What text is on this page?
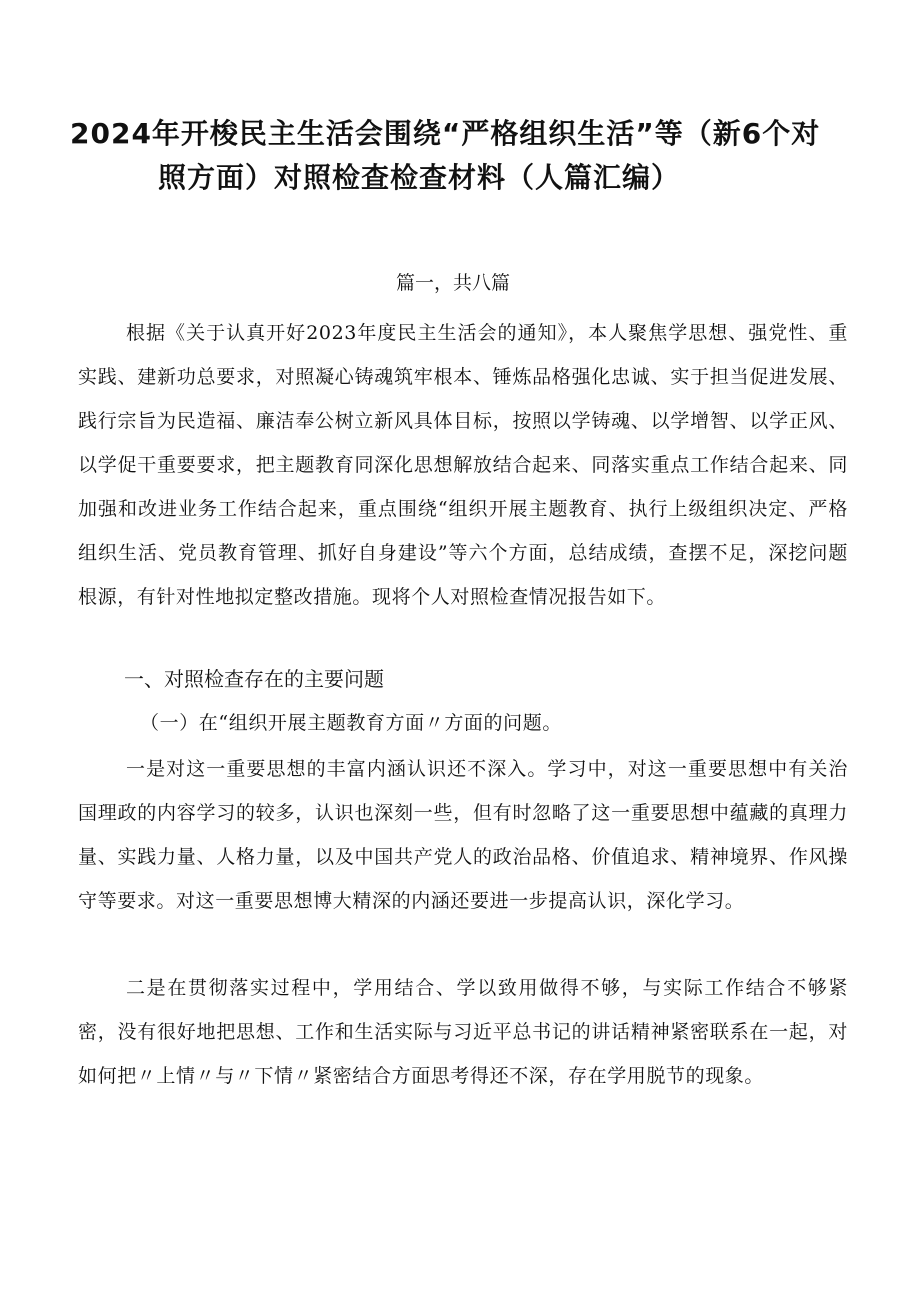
2024年开梭民主生活会围绕“严格组织生活”等（新6个对
照方面）对照检查检查材料（人篇汇编）
篇一，共八篇

根据《关于认真开好2023年度民主生活会的通知》，本人聚焦学思想、强党性、重实践、建新功总要求，对照凝心铸魂筑牢根本、锤炼品格强化忠诚、实于担当促进发展、践行宗旨为民造福、廉洁奉公树立新风具体目标，按照以学铸魂、以学增智、以学正风、以学促干重要要求，把主题教育同深化思想解放结合起来、同落实重点工作结合起来、同加强和改进业务工作结合起来，重点围绕“组织开展主题教育、执行上级组织决定、严格组织生活、党员教育管理、抓好自身建设”等六个方面，总结成绩，查摆不足，深挖问题根源，有针对性地拟定整改措施。现将个人对照检查情况报告如下。

一、对照检查存在的主要问题
（一）在“组织开展主题教育方面〃方面的问题。

一是对这一重要思想的丰富内涵认识还不深入。学习中，对这一重要思想中有关治国理政的内容学习的较多，认识也深刻一些，但有时忽略了这一重要思想中蕴藏的真理力量、实践力量、人格力量，以及中国共产党人的政治品格、价值追求、精神境界、作风操守等要求。对这一重要思想博大精深的内涵还要进一步提高认识，深化学习。

二是在贯彻落实过程中，学用结合、学以致用做得不够，与实际工作结合不够紧密，没有很好地把思想、工作和生活实际与习近平总书记的讲话精神紧密联系在一起，对如何把〃上情〃与〃下情〃紧密结合方面思考得还不深，存在学用脱节的现象。
